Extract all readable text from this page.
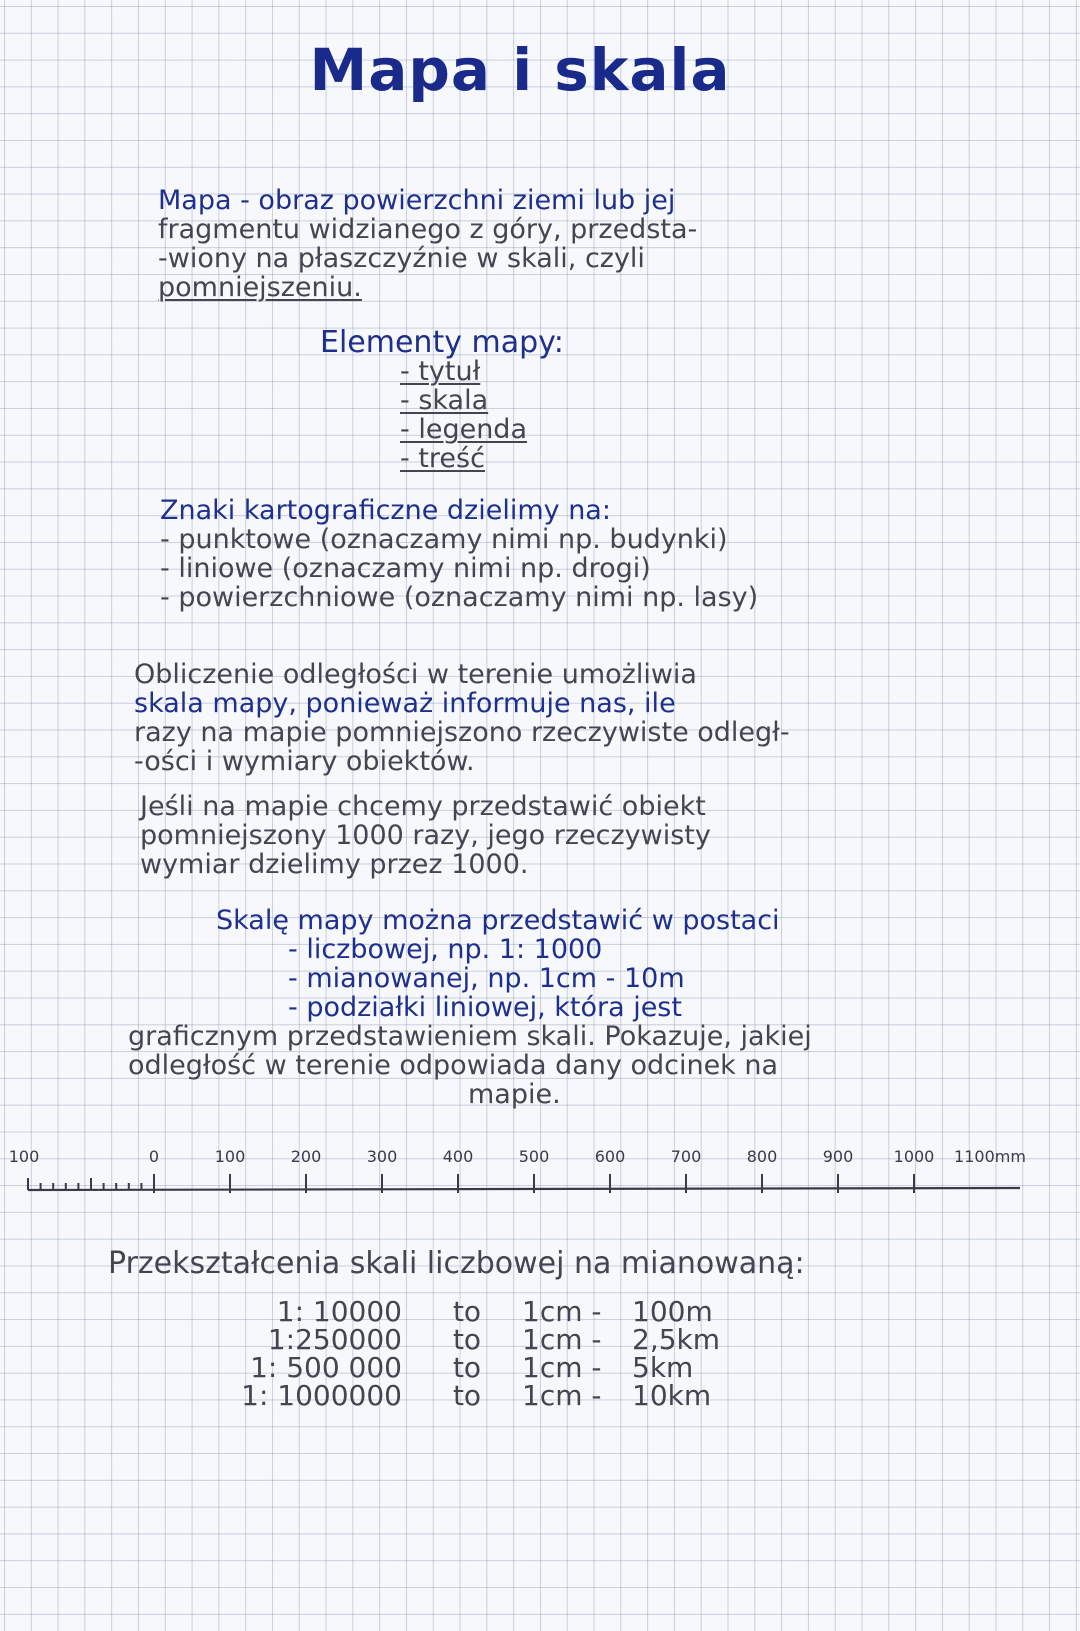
Mapa i skala
Mapa - obraz powierzchni ziemi lub jej
fragmentu widzianego z góry, przedsta-
-wiony na płaszczyźnie w skali, czyli
pomniejszeniu.
Elementy mapy:
- tytuł
- skala
- legenda
- treść
Znaki kartograficzne dzielimy na:
- punktowe (oznaczamy nimi np. budynki)
- liniowe (oznaczamy nimi np. drogi)
- powierzchniowe (oznaczamy nimi np. lasy)
Obliczenie odległości w terenie umożliwia
skala mapy, ponieważ informuje nas, ile
razy na mapie pomniejszono rzeczywiste odległ-
-ości i wymiary obiektów.
Jeśli na mapie chcemy przedstawić obiekt
pomniejszony 1000 razy, jego rzeczywisty
wymiar dzielimy przez 1000.
Skalę mapy można przedstawić w postaci
- liczbowej, np. 1: 1000
- mianowanej, np. 1cm - 10m
- podziałki liniowej, która jest
graficznym przedstawieniem skali. Pokazuje, jakiej
odległość w terenie odpowiada dany odcinek na
mapie.
100	0	100	200	300	400	500	600	700	800	900	1000 1100mm
Przekształcenia skali liczbowej na mianowaną:
1: 10000	to	1cm -	100m
1:250000	to	1cm -	2,5km
1: 500 000	to	1cm -	5km
1: 1000000	to	1cm -	10km
